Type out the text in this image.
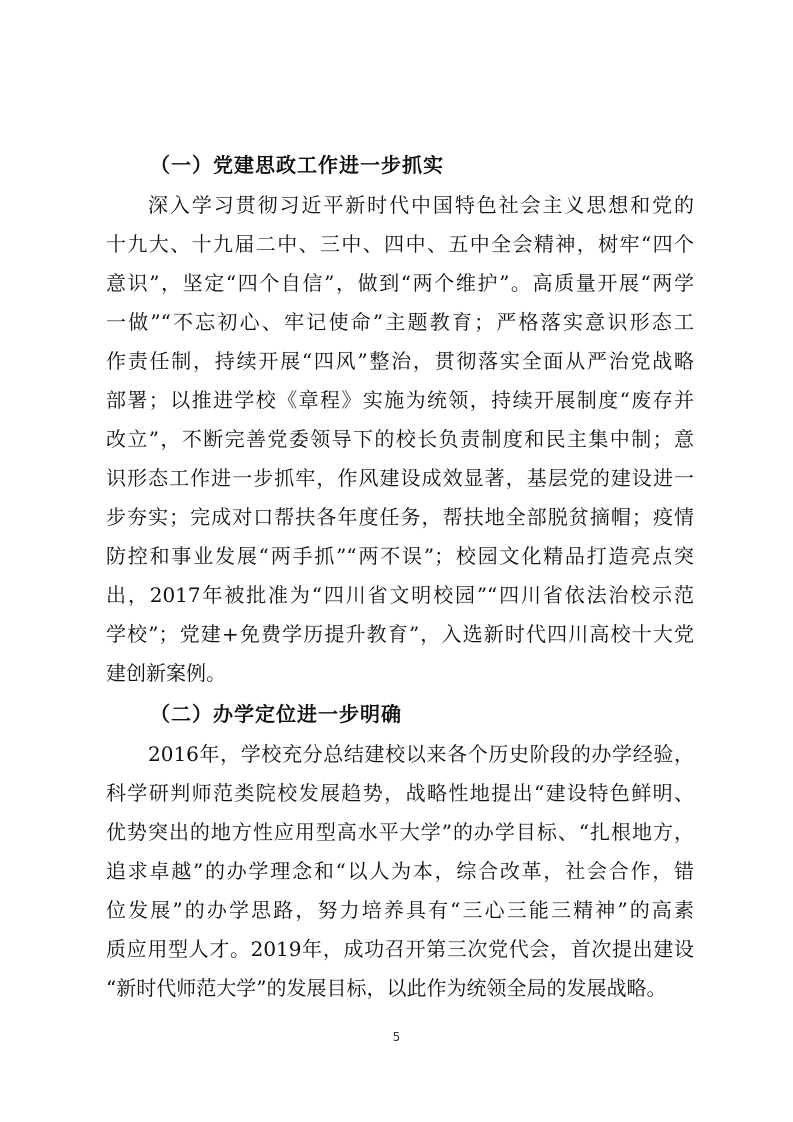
（一）党建思政工作进一步抓实
深入学习贯彻习近平新时代中国特色社会主义思想和党的
十九大、十九届二中、三中、四中、五中全会精神，树牢“四个
意识”，坚定“四个自信”，做到“两个维护”。高质量开展“两学
一做”“不忘初心、牢记使命”主题教育；严格落实意识形态工
作责任制，持续开展“四风”整治，贯彻落实全面从严治党战略
部署；以推进学校《章程》实施为统领，持续开展制度“废存并
改立”，不断完善党委领导下的校长负责制度和民主集中制；意
识形态工作进一步抓牢，作风建设成效显著，基层党的建设进一
步夯实；完成对口帮扶各年度任务，帮扶地全部脱贫摘帽；疫情
防控和事业发展“两手抓”“两不误”；校园文化精品打造亮点突
出，2017年被批准为“四川省文明校园”“四川省依法治校示范
学校”；党建+免费学历提升教育”，入选新时代四川高校十大党
建创新案例。
（二）办学定位进一步明确
2016年，学校充分总结建校以来各个历史阶段的办学经验，
科学研判师范类院校发展趋势，战略性地提出“建设特色鲜明、
优势突出的地方性应用型高水平大学”的办学目标、“扎根地方，
追求卓越”的办学理念和“以人为本，综合改革，社会合作，错
位发展”的办学思路，努力培养具有“三心三能三精神”的高素
质应用型人才。2019年，成功召开第三次党代会，首次提出建设
“新时代师范大学”的发展目标，以此作为统领全局的发展战略。
5
